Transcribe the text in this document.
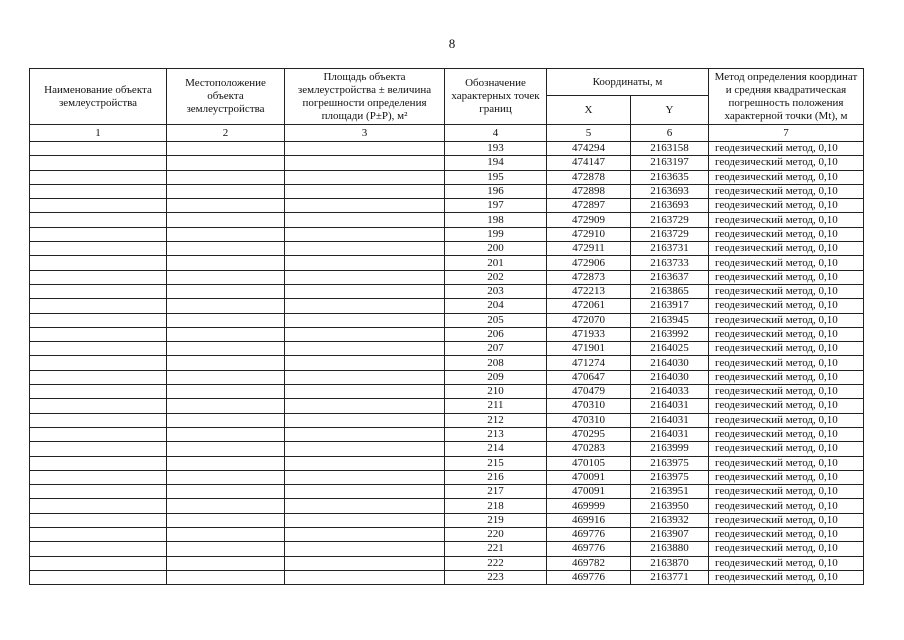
8
Наименование объекта землеустройства	Местоположение объекта землеустройства	Площадь объекта землеустройства ± величина погрешности определения площади (P±P), м²	Обозначение характерных точек границ	Координаты, м		Метод определения координат и средняя квадратическая погрешность положения характерной точки (Mt), м
				X	Y	
1	2	3	4	5	6	7
			193	474294	2163158	геодезический метод, 0,10
			194	474147	2163197	геодезический метод, 0,10
			195	472878	2163635	геодезический метод, 0,10
			196	472898	2163693	геодезический метод, 0,10
			197	472897	2163693	геодезический метод, 0,10
			198	472909	2163729	геодезический метод, 0,10
			199	472910	2163729	геодезический метод, 0,10
			200	472911	2163731	геодезический метод, 0,10
			201	472906	2163733	геодезический метод, 0,10
			202	472873	2163637	геодезический метод, 0,10
			203	472213	2163865	геодезический метод, 0,10
			204	472061	2163917	геодезический метод, 0,10
			205	472070	2163945	геодезический метод, 0,10
			206	471933	2163992	геодезический метод, 0,10
			207	471901	2164025	геодезический метод, 0,10
			208	471274	2164030	геодезический метод, 0,10
			209	470647	2164030	геодезический метод, 0,10
			210	470479	2164033	геодезический метод, 0,10
			211	470310	2164031	геодезический метод, 0,10
			212	470310	2164031	геодезический метод, 0,10
			213	470295	2164031	геодезический метод, 0,10
			214	470283	2163999	геодезический метод, 0,10
			215	470105	2163975	геодезический метод, 0,10
			216	470091	2163975	геодезический метод, 0,10
			217	470091	2163951	геодезический метод, 0,10
			218	469999	2163950	геодезический метод, 0,10
			219	469916	2163932	геодезический метод, 0,10
			220	469776	2163907	геодезический метод, 0,10
			221	469776	2163880	геодезический метод, 0,10
			222	469782	2163870	геодезический метод, 0,10
			223	469776	2163771	геодезический метод, 0,10
